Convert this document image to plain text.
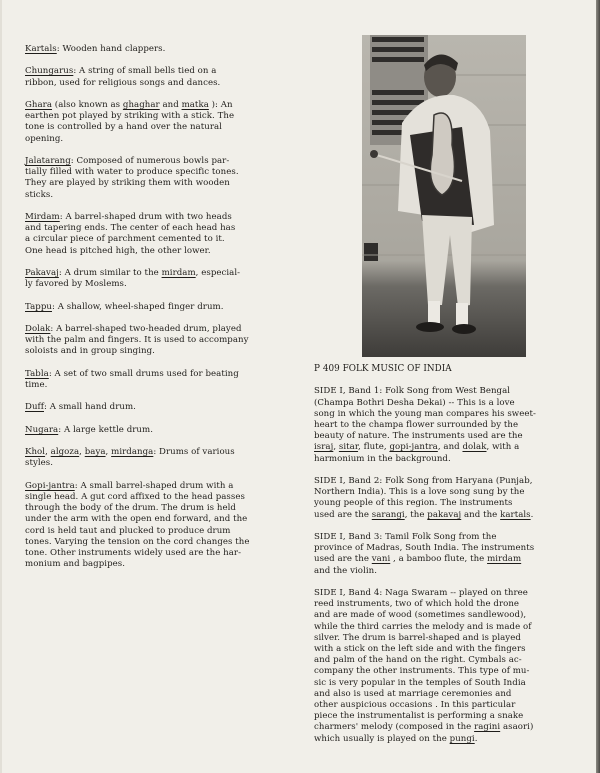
Kartals: Wooden hand clappers.
Chungarus: A string of small bells tied on a
ribbon, used for religious songs and dances.
Ghara (also known as ghaghar and matka ): An
earthen pot played by striking with a stick. The
tone is controlled by a hand over the natural
opening.
Jalatarang: Composed of numerous bowls par-
tially filled with water to produce specific tones.
They are played by striking them with wooden
sticks.
Mirdam: A barrel-shaped drum with two heads
and tapering ends. The center of each head has
a circular piece of parchment cemented to it.
One head is pitched high, the other lower.
Pakavaj: A drum similar to the mirdam, especial-
ly favored by Moslems.
Tappu: A shallow, wheel-shaped finger drum.
Dolak: A barrel-shaped two-headed drum, played
with the palm and fingers. It is used to accompany
soloists and in group singing.
Tabla: A set of two small drums used for beating
time.
Duff: A small hand drum.
Nugara: A large kettle drum.
Khol, algoza, baya, mirdanga: Drums of various
styles.
Gopi-jantra: A small barrel-shaped drum with a
single head. A gut cord affixed to the head passes
through the body of the drum. The drum is held
under the arm with the open end forward, and the
cord is held taut and plucked to produce drum
tones. Varying the tension on the cord changes the
tone. Other instruments widely used are the har-
monium and bagpipes.
P 409 FOLK MUSIC OF INDIA
SIDE I, Band 1: Folk Song from West Bengal
(Champa Bothri Desha Dekai) -- This is a love
song in which the young man compares his sweet-
heart to the champa flower surrounded by the
beauty of nature. The instruments used are the
israj, sitar, flute, gopi-jantra, and dolak, with a
harmonium in the background.
SIDE I, Band 2: Folk Song from Haryana (Punjab,
Northern India). This is a love song sung by the
young people of this region. The instruments
used are the sarangi, the pakavaj and the kartals.
SIDE I, Band 3: Tamil Folk Song from the
province of Madras, South India. The instruments
used are the vani , a bamboo flute, the mirdam
and the violin.
SIDE I, Band 4: Naga Swaram -- played on three
reed instruments, two of which hold the drone
and are made of wood (sometimes sandlewood),
while the third carries the melody and is made of
silver. The drum is barrel-shaped and is played
with a stick on the left side and with the fingers
and palm of the hand on the right. Cymbals ac-
company the other instruments. This type of mu-
sic is very popular in the temples of South India
and also is used at marriage ceremonies and
other auspicious occasions . In this particular
piece the instrumentalist is performing a snake
charmers' melody (composed in the ragini asaori)
which usually is played on the pungi.
